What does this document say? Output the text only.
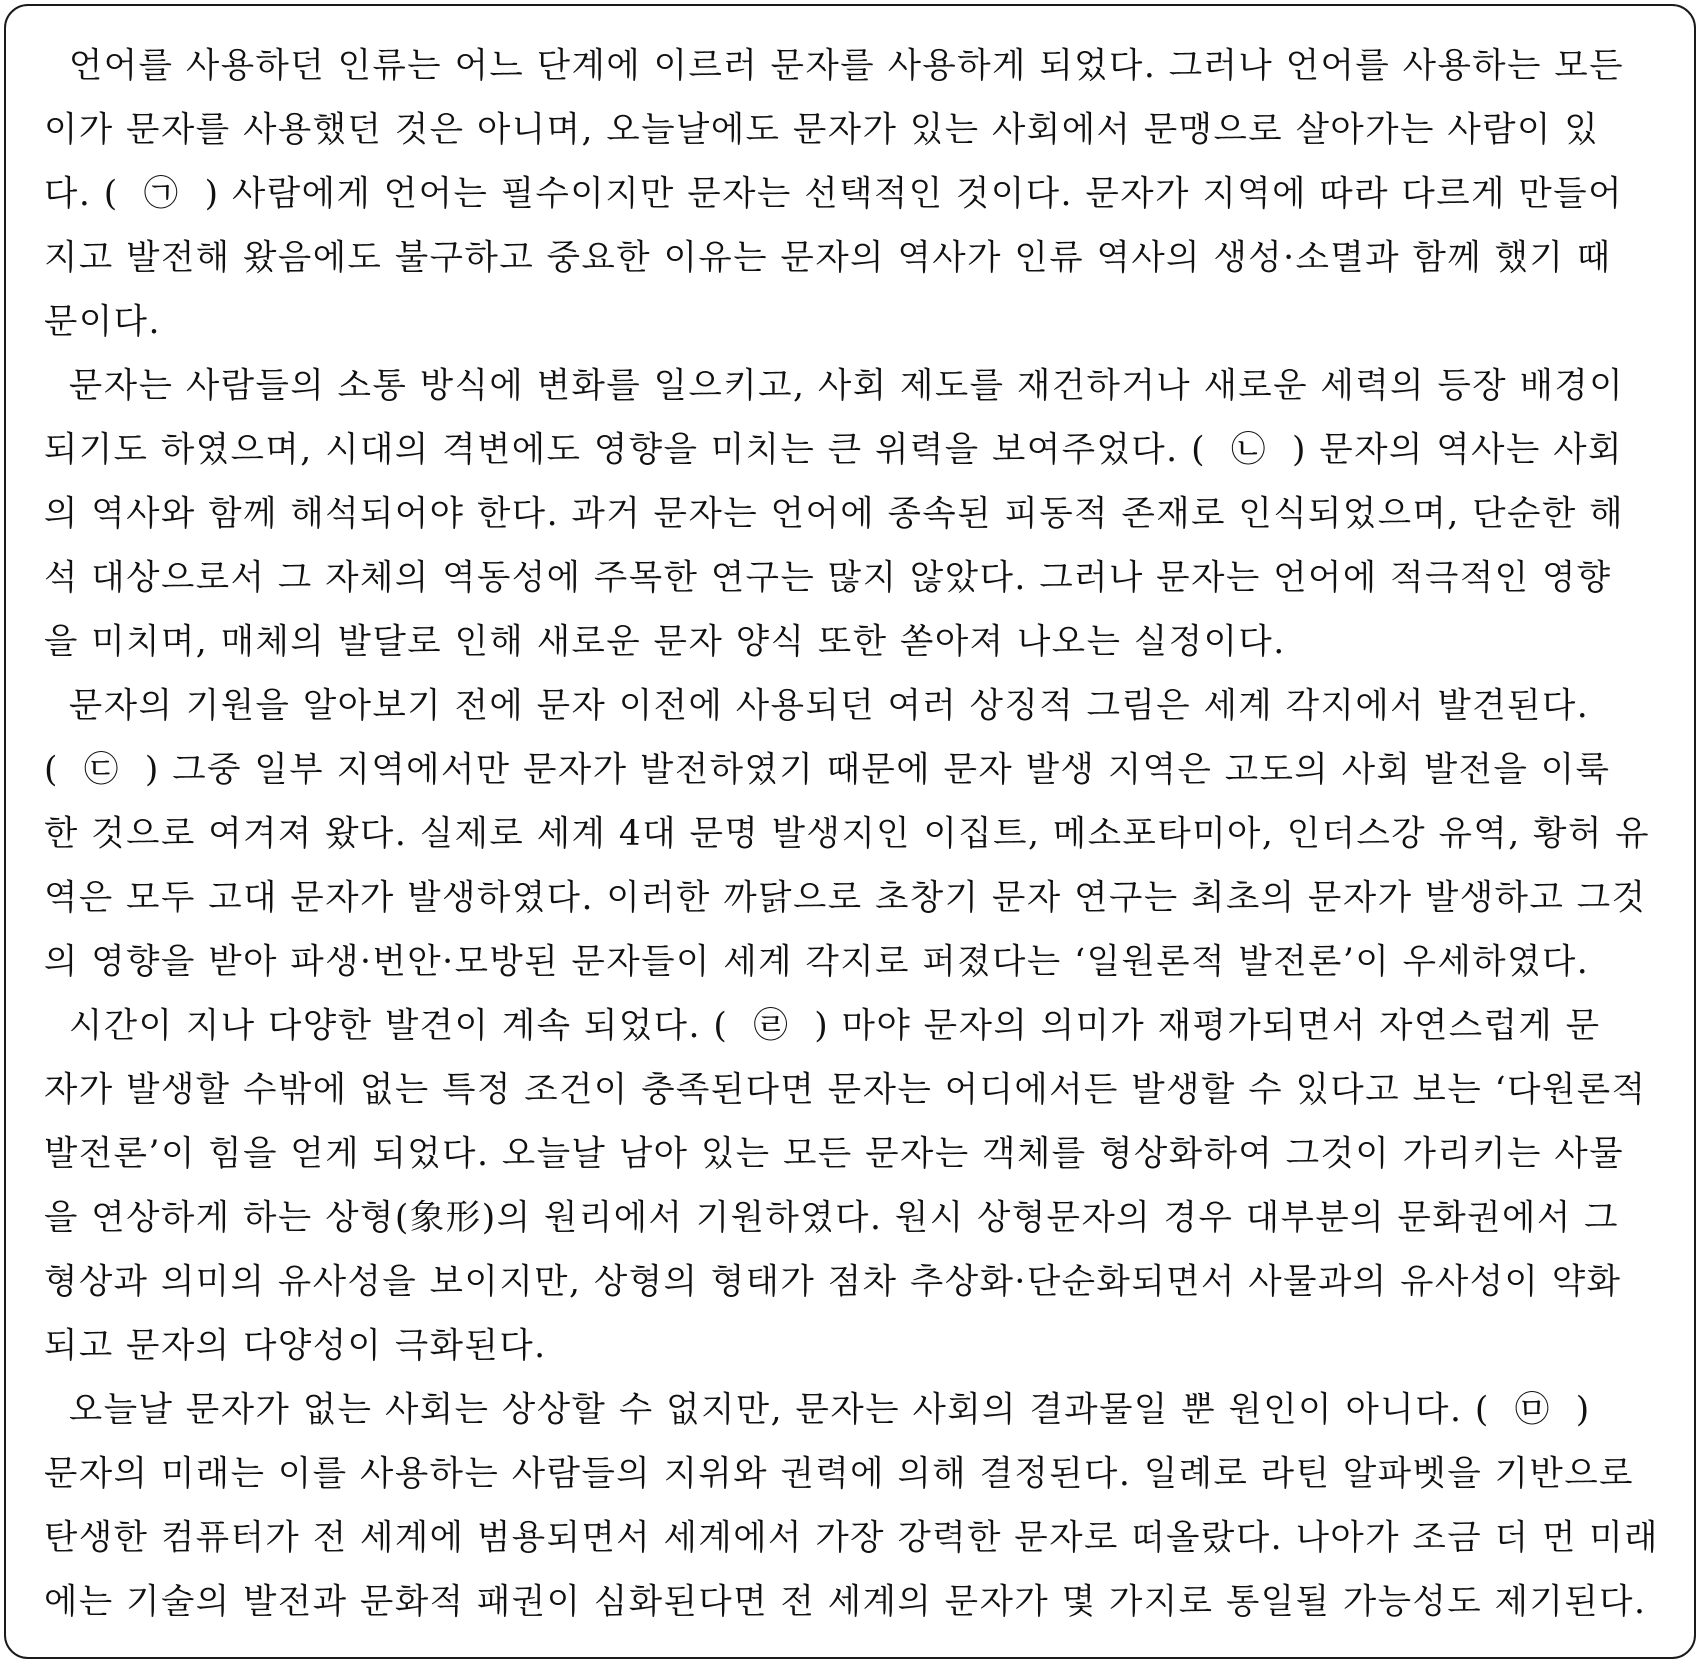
언어를 사용하던 인류는 어느 단계에 이르러 문자를 사용하게 되었다. 그러나 언어를 사용하는 모든
이가 문자를 사용했던 것은 아니며, 오늘날에도 문자가 있는 사회에서 문맹으로 살아가는 사람이 있
다. (  ㉠  ) 사람에게 언어는 필수이지만 문자는 선택적인 것이다. 문자가 지역에 따라 다르게 만들어
지고 발전해 왔음에도 불구하고 중요한 이유는 문자의 역사가 인류 역사의 생성·소멸과 함께 했기 때
문이다.
문자는 사람들의 소통 방식에 변화를 일으키고, 사회 제도를 재건하거나 새로운 세력의 등장 배경이
되기도 하였으며, 시대의 격변에도 영향을 미치는 큰 위력을 보여주었다. (  ㉡  ) 문자의 역사는 사회
의 역사와 함께 해석되어야 한다. 과거 문자는 언어에 종속된 피동적 존재로 인식되었으며, 단순한 해
석 대상으로서 그 자체의 역동성에 주목한 연구는 많지 않았다. 그러나 문자는 언어에 적극적인 영향
을 미치며, 매체의 발달로 인해 새로운 문자 양식 또한 쏟아져 나오는 실정이다.
문자의 기원을 알아보기 전에 문자 이전에 사용되던 여러 상징적 그림은 세계 각지에서 발견된다.
(  ㉢  ) 그중 일부 지역에서만 문자가 발전하였기 때문에 문자 발생 지역은 고도의 사회 발전을 이룩
한 것으로 여겨져 왔다. 실제로 세계 4대 문명 발생지인 이집트, 메소포타미아, 인더스강 유역, 황허 유
역은 모두 고대 문자가 발생하였다. 이러한 까닭으로 초창기 문자 연구는 최초의 문자가 발생하고 그것
의 영향을 받아 파생·번안·모방된 문자들이 세계 각지로 퍼졌다는 ‘일원론적 발전론’이 우세하였다.
시간이 지나 다양한 발견이 계속 되었다. (  ㉣  ) 마야 문자의 의미가 재평가되면서 자연스럽게 문
자가 발생할 수밖에 없는 특정 조건이 충족된다면 문자는 어디에서든 발생할 수 있다고 보는 ‘다원론적
발전론’이 힘을 얻게 되었다. 오늘날 남아 있는 모든 문자는 객체를 형상화하여 그것이 가리키는 사물
을 연상하게 하는 상형(象形)의 원리에서 기원하였다. 원시 상형문자의 경우 대부분의 문화권에서 그
형상과 의미의 유사성을 보이지만, 상형의 형태가 점차 추상화·단순화되면서 사물과의 유사성이 약화
되고 문자의 다양성이 극화된다.
오늘날 문자가 없는 사회는 상상할 수 없지만, 문자는 사회의 결과물일 뿐 원인이 아니다. (  ㉤  )
문자의 미래는 이를 사용하는 사람들의 지위와 권력에 의해 결정된다. 일례로 라틴 알파벳을 기반으로
탄생한 컴퓨터가 전 세계에 범용되면서 세계에서 가장 강력한 문자로 떠올랐다. 나아가 조금 더 먼 미래
에는 기술의 발전과 문화적 패권이 심화된다면 전 세계의 문자가 몇 가지로 통일될 가능성도 제기된다.
